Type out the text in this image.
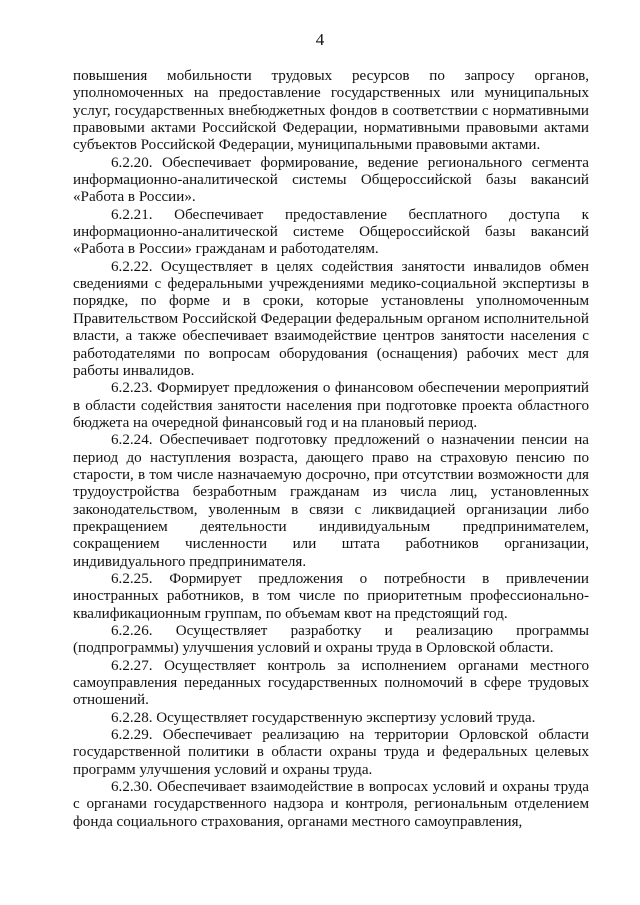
4

повышения мобильности трудовых ресурсов по запросу органов, уполномоченных на предоставление государственных или муниципальных услуг, государственных внебюджетных фондов в соответствии с нормативными правовыми актами Российской Федерации, нормативными правовыми актами субъектов Российской Федерации, муниципальными правовыми актами.

6.2.20. Обеспечивает формирование, ведение регионального сегмента информационно-аналитической системы Общероссийской базы вакансий «Работа в России».

6.2.21. Обеспечивает предоставление бесплатного доступа к информационно-аналитической системе Общероссийской базы вакансий «Работа в России» гражданам и работодателям.

6.2.22. Осуществляет в целях содействия занятости инвалидов обмен сведениями с федеральными учреждениями медико-социальной экспертизы в порядке, по форме и в сроки, которые установлены уполномоченным Правительством Российской Федерации федеральным органом исполнительной власти, а также обеспечивает взаимодействие центров занятости населения с работодателями по вопросам оборудования (оснащения) рабочих мест для работы инвалидов.

6.2.23. Формирует предложения о финансовом обеспечении мероприятий в области содействия занятости населения при подготовке проекта областного бюджета на очередной финансовый год и на плановый период.

6.2.24. Обеспечивает подготовку предложений о назначении пенсии на период до наступления возраста, дающего право на страховую пенсию по старости, в том числе назначаемую досрочно, при отсутствии возможности для трудоустройства безработным гражданам из числа лиц, установленных законодательством, уволенным в связи с ликвидацией организации либо прекращением деятельности индивидуальным предпринимателем, сокращением численности или штата работников организации, индивидуального предпринимателя.

6.2.25. Формирует предложения о потребности в привлечении иностранных работников, в том числе по приоритетным профессионально-квалификационным группам, по объемам квот на предстоящий год.

6.2.26. Осуществляет разработку и реализацию программы (подпрограммы) улучшения условий и охраны труда в Орловской области.

6.2.27. Осуществляет контроль за исполнением органами местного самоуправления переданных государственных полномочий в сфере трудовых отношений.

6.2.28. Осуществляет государственную экспертизу условий труда.

6.2.29. Обеспечивает реализацию на территории Орловской области государственной политики в области охраны труда и федеральных целевых программ улучшения условий и охраны труда.

6.2.30. Обеспечивает взаимодействие в вопросах условий и охраны труда с органами государственного надзора и контроля, региональным отделением фонда социального страхования, органами местного самоуправления,
